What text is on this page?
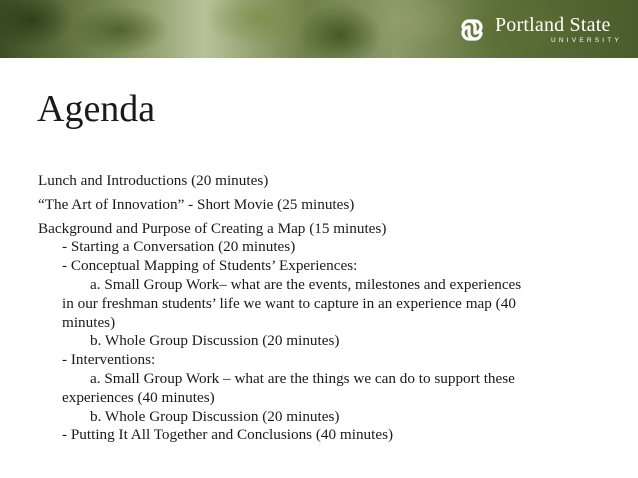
Portland State
UNIVERSITY
Agenda
Lunch and Introductions (20 minutes)
“The Art of Innovation” - Short Movie (25 minutes)
Background and Purpose of Creating a Map (15 minutes)
- Starting a Conversation (20 minutes)
- Conceptual Mapping of Students’ Experiences:
a. Small Group Work– what are the events, milestones and experiences
in our freshman students’ life we want to capture in an experience map (40
minutes)
b. Whole Group Discussion (20 minutes)
- Interventions:
a. Small Group Work – what are the things we can do to support these
experiences (40 minutes)
b. Whole Group Discussion (20 minutes)
- Putting It All Together and Conclusions (40 minutes)
